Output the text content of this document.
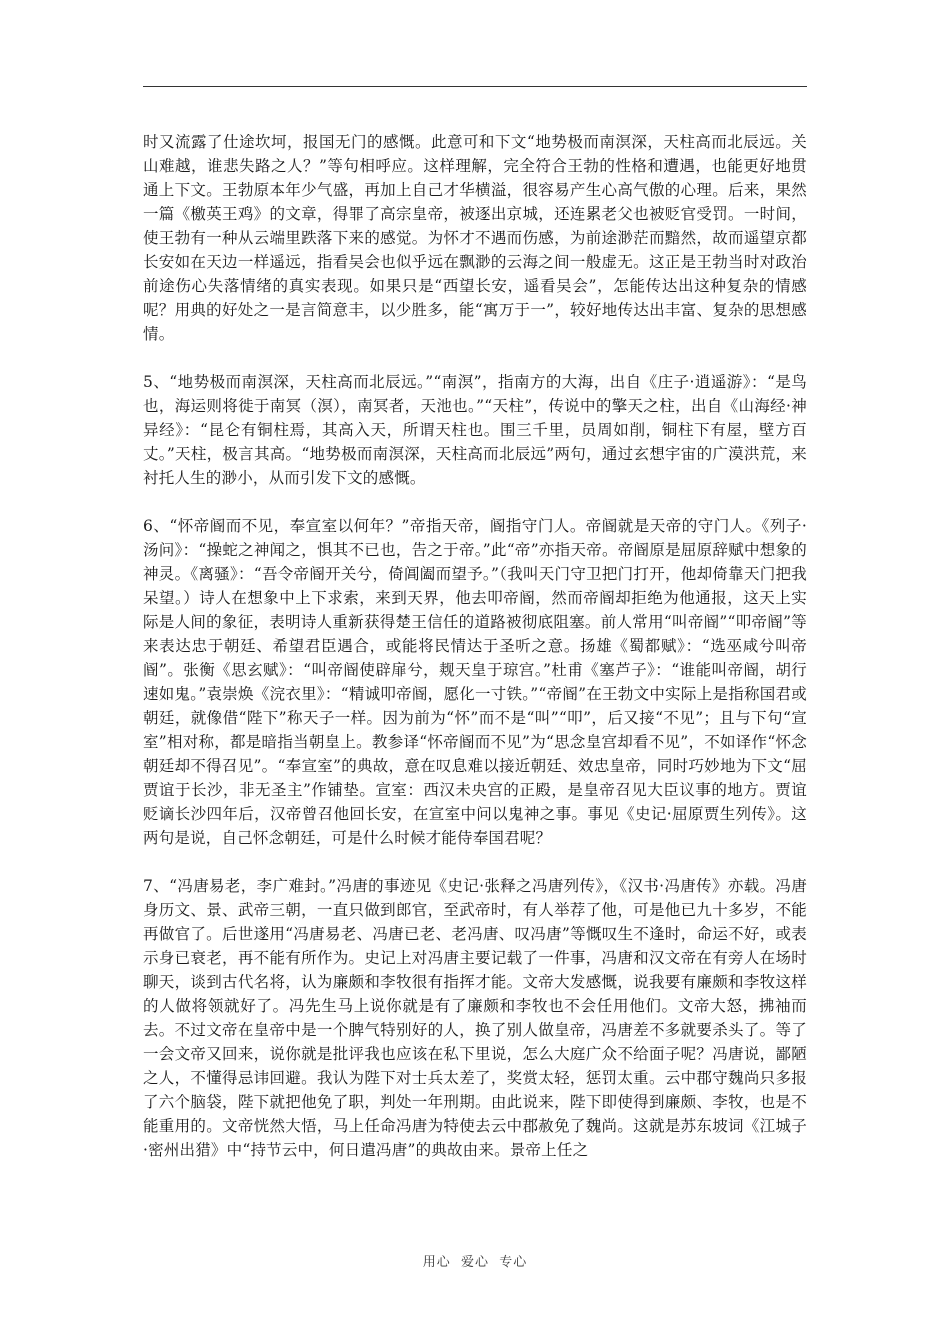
时又流露了仕途坎坷，报国无门的感慨。此意可和下文“地势极而南溟深，天柱高而北辰远。关山难越，谁悲失路之人？”等句相呼应。这样理解，完全符合王勃的性格和遭遇，也能更好地贯通上下文。王勃原本年少气盛，再加上自己才华横溢，很容易产生心高气傲的心理。后来，果然一篇《檄英王鸡》的文章，得罪了高宗皇帝，被逐出京城，还连累老父也被贬官受罚。一时间，使王勃有一种从云端里跌落下来的感觉。为怀才不遇而伤感，为前途渺茫而黯然，故而遥望京都长安如在天边一样遥远，指看吴会也似乎远在飘渺的云海之间一般虚无。这正是王勃当时对政治前途伤心失落情绪的真实表现。如果只是“西望长安，遥看吴会”，怎能传达出这种复杂的情感呢？用典的好处之一是言简意丰，以少胜多，能“寓万于一”，较好地传达出丰富、复杂的思想感情。

5、“地势极而南溟深，天柱高而北辰远。”“南溟”，指南方的大海，出自《庄子·逍遥游》：“是鸟也，海运则将徙于南冥（溟），南冥者，天池也。”“天柱”，传说中的擎天之柱，出自《山海经·神异经》：“昆仑有铜柱焉，其高入天，所谓天柱也。围三千里，员周如削，铜柱下有屋，壁方百丈。”天柱，极言其高。“地势极而南溟深，天柱高而北辰远”两句，通过玄想宇宙的广漠洪荒，来衬托人生的渺小，从而引发下文的感慨。

6、“怀帝阍而不见，奉宣室以何年？”帝指天帝，阍指守门人。帝阍就是天帝的守门人。《列子·汤问》：“操蛇之神闻之，惧其不已也，告之于帝。”此“帝”亦指天帝。帝阍原是屈原辞赋中想象的神灵。《离骚》：“吾令帝阍开关兮，倚阊阖而望予。”（我叫天门守卫把门打开，他却倚靠天门把我呆望。）诗人在想象中上下求索，来到天界，他去叩帝阍，然而帝阍却拒绝为他通报，这天上实际是人间的象征，表明诗人重新获得楚王信任的道路被彻底阻塞。前人常用“叫帝阍”“叩帝阍”等来表达忠于朝廷、希望君臣遇合，或能将民情达于圣听之意。扬雄《蜀都赋》：“选巫咸兮叫帝阍”。张衡《思玄赋》：“叫帝阍使辟扉兮，觌天皇于琼宫。”杜甫《塞芦子》：“谁能叫帝阍，胡行速如鬼。”袁崇焕《浣衣里》：“精诚叩帝阍，愿化一寸铁。”“帝阍”在王勃文中实际上是指称国君或朝廷，就像借“陛下”称天子一样。因为前为“怀”而不是“叫”“叩”，后又接“不见”；且与下句“宣室”相对称，都是暗指当朝皇上。教参译“怀帝阍而不见”为“思念皇宫却看不见”，不如译作“怀念朝廷却不得召见”。“奉宣室”的典故，意在叹息难以接近朝廷、效忠皇帝，同时巧妙地为下文“屈贾谊于长沙，非无圣主”作铺垫。宣室：西汉未央宫的正殿，是皇帝召见大臣议事的地方。贾谊贬谪长沙四年后，汉帝曾召他回长安，在宣室中问以鬼神之事。事见《史记·屈原贾生列传》。这两句是说，自己怀念朝廷，可是什么时候才能侍奉国君呢？

7、“冯唐易老，李广难封。”冯唐的事迹见《史记·张释之冯唐列传》，《汉书·冯唐传》亦载。冯唐身历文、景、武帝三朝，一直只做到郎官，至武帝时，有人举荐了他，可是他已九十多岁，不能再做官了。后世遂用“冯唐易老、冯唐已老、老冯唐、叹冯唐”等慨叹生不逢时，命运不好，或表示身已衰老，再不能有所作为。史记上对冯唐主要记载了一件事，冯唐和汉文帝在有旁人在场时聊天，谈到古代名将，认为廉颇和李牧很有指挥才能。文帝大发感慨，说我要有廉颇和李牧这样的人做将领就好了。冯先生马上说你就是有了廉颇和李牧也不会任用他们。文帝大怒，拂袖而去。不过文帝在皇帝中是一个脾气特别好的人，换了别人做皇帝，冯唐差不多就要杀头了。等了一会文帝又回来，说你就是批评我也应该在私下里说，怎么大庭广众不给面子呢？冯唐说，鄙陋之人，不懂得忌讳回避。我认为陛下对士兵太差了，奖赏太轻，惩罚太重。云中郡守魏尚只多报了六个脑袋，陛下就把他免了职，判处一年刑期。由此说来，陛下即使得到廉颇、李牧，也是不能重用的。文帝恍然大悟，马上任命冯唐为特使去云中郡赦免了魏尚。这就是苏东坡词《江城子·密州出猎》中“持节云中，何日遣冯唐”的典故由来。景帝上任之

用心  爱心  专心
